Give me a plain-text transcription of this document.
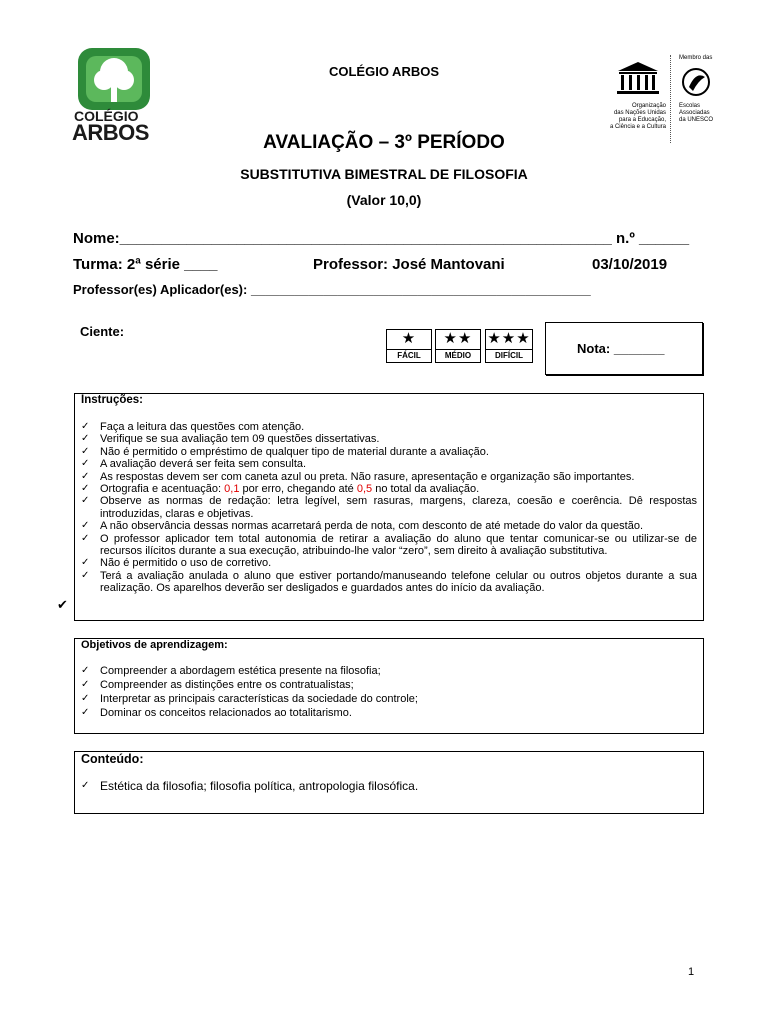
COLÉGIO
ARBOS
Organização
das Nações Unidas
para a Educação,
a Ciência e a Cultura
Membro das
Escolas
Associadas
da UNESCO
COLÉGIO ARBOS
AVALIAÇÃO – 3º PERÍODO
SUBSTITUTIVA BIMESTRAL DE FILOSOFIA
(Valor 10,0)
Nome:___________________________________________________________ n.º ______
Turma: 2ª série ____	Professor: José Mantovani	03/10/2019
Professor(es) Aplicador(es): _______________________________________________
Ciente:	★
FÁCIL
★★
MÉDIO
★★★
DIFÍCIL	Nota: _______
Instruções:
✓ Faça a leitura das questões com atenção.
✓ Verifique se sua avaliação tem 09 questões dissertativas.
✓ Não é permitido o empréstimo de qualquer tipo de material durante a avaliação.
✓ A avaliação deverá ser feita sem consulta.
✓ As respostas devem ser com caneta azul ou preta. Não rasure, apresentação e organização são importantes.
✓ Ortografia e acentuação: 0,1 por erro, chegando até 0,5 no total da avaliação.
✓ Observe as normas de redação: letra legível, sem rasuras, margens, clareza, coesão e coerência. Dê respostas introduzidas, claras e objetivas.
✓ A não observância dessas normas acarretará perda de nota, com desconto de até metade do valor da questão.
✓ O professor aplicador tem total autonomia de retirar a avaliação do aluno que tentar comunicar-se ou utilizar-se de recursos ilícitos durante a sua execução, atribuindo-lhe valor “zero”, sem direito à avaliação substitutiva.
✓ Não é permitido o uso de corretivo.
✓ Terá a avaliação anulada o aluno que estiver portando/manuseando telefone celular ou outros objetos durante a sua realização. Os aparelhos deverão ser desligados e guardados antes do início da avaliação.
✔
Objetivos de aprendizagem:
✓ Compreender a abordagem estética presente na filosofia;
✓ Compreender as distinções entre os contratualistas;
✓ Interpretar as principais características da sociedade do controle;
✓ Dominar os conceitos relacionados ao totalitarismo.
Conteúdo:
✓ Estética da filosofia; filosofia política, antropologia filosófica.
1
